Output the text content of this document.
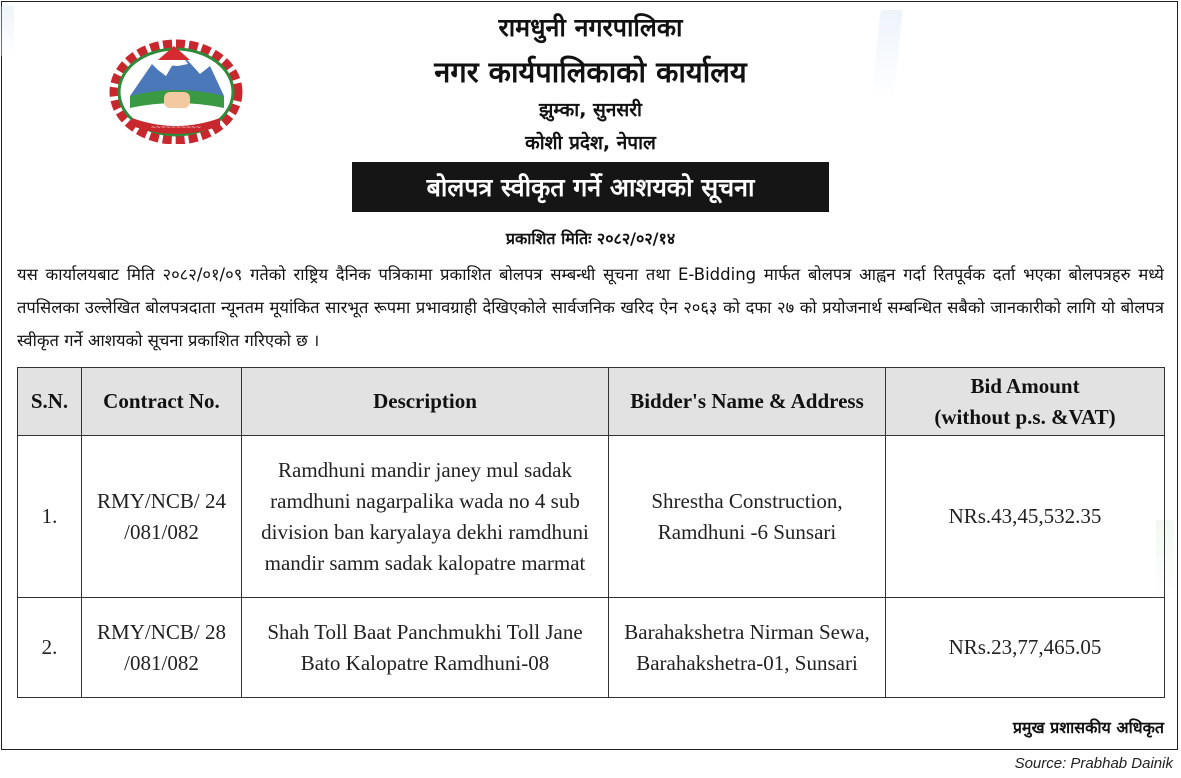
~~~~~~~~~~
रामधुनी नगरपालिका
नगर कार्यपालिकाको कार्यालय
झुम्का, सुनसरी
कोशी प्रदेश, नेपाल
बोलपत्र स्वीकृत गर्ने आशयको सूचना
प्रकाशित मितिः २०८२/०२/१४

यस कार्यालयबाट मिति २०८२/०१/०९ गतेको राष्ट्रिय दैनिक पत्रिकामा प्रकाशित बोलपत्र सम्बन्धी सूचना तथा E-Bidding मार्फत बोलपत्र आह्वन गर्दा रितपूर्वक दर्ता भएका बोलपत्रहरु मध्ये तपसिलका उल्लेखित बोलपत्रदाता न्यूनतम मूयांकित सारभूत रूपमा प्रभावग्राही देखिएकोले सार्वजनिक खरिद ऐन २०६३ को दफा २७ को प्रयोजनार्थ सम्बन्धित सबैको जानकारीको लागि यो बोलपत्र स्वीकृत गर्ने आशयको सूचना प्रकाशित गरिएको छ ।

S.N.	Contract No.	Description	Bidder's Name & Address	Bid Amount
(without p.s. &VAT)
1.	RMY/NCB/ 24 /081/082	Ramdhuni mandir janey mul sadak ramdhuni nagarpalika wada no 4 sub division ban karyalaya dekhi ramdhuni mandir samm sadak kalopatre marmat	Shrestha Construction, Ramdhuni -6 Sunsari	NRs.43,45,532.35
2.	RMY/NCB/ 28 /081/082	Shah Toll Baat Panchmukhi Toll Jane Bato Kalopatre Ramdhuni-08	Barahakshetra Nirman Sewa, Barahakshetra-01, Sunsari	NRs.23,77,465.05
प्रमुख प्रशासकीय अधिकृत
Source: Prabhab Dainik
